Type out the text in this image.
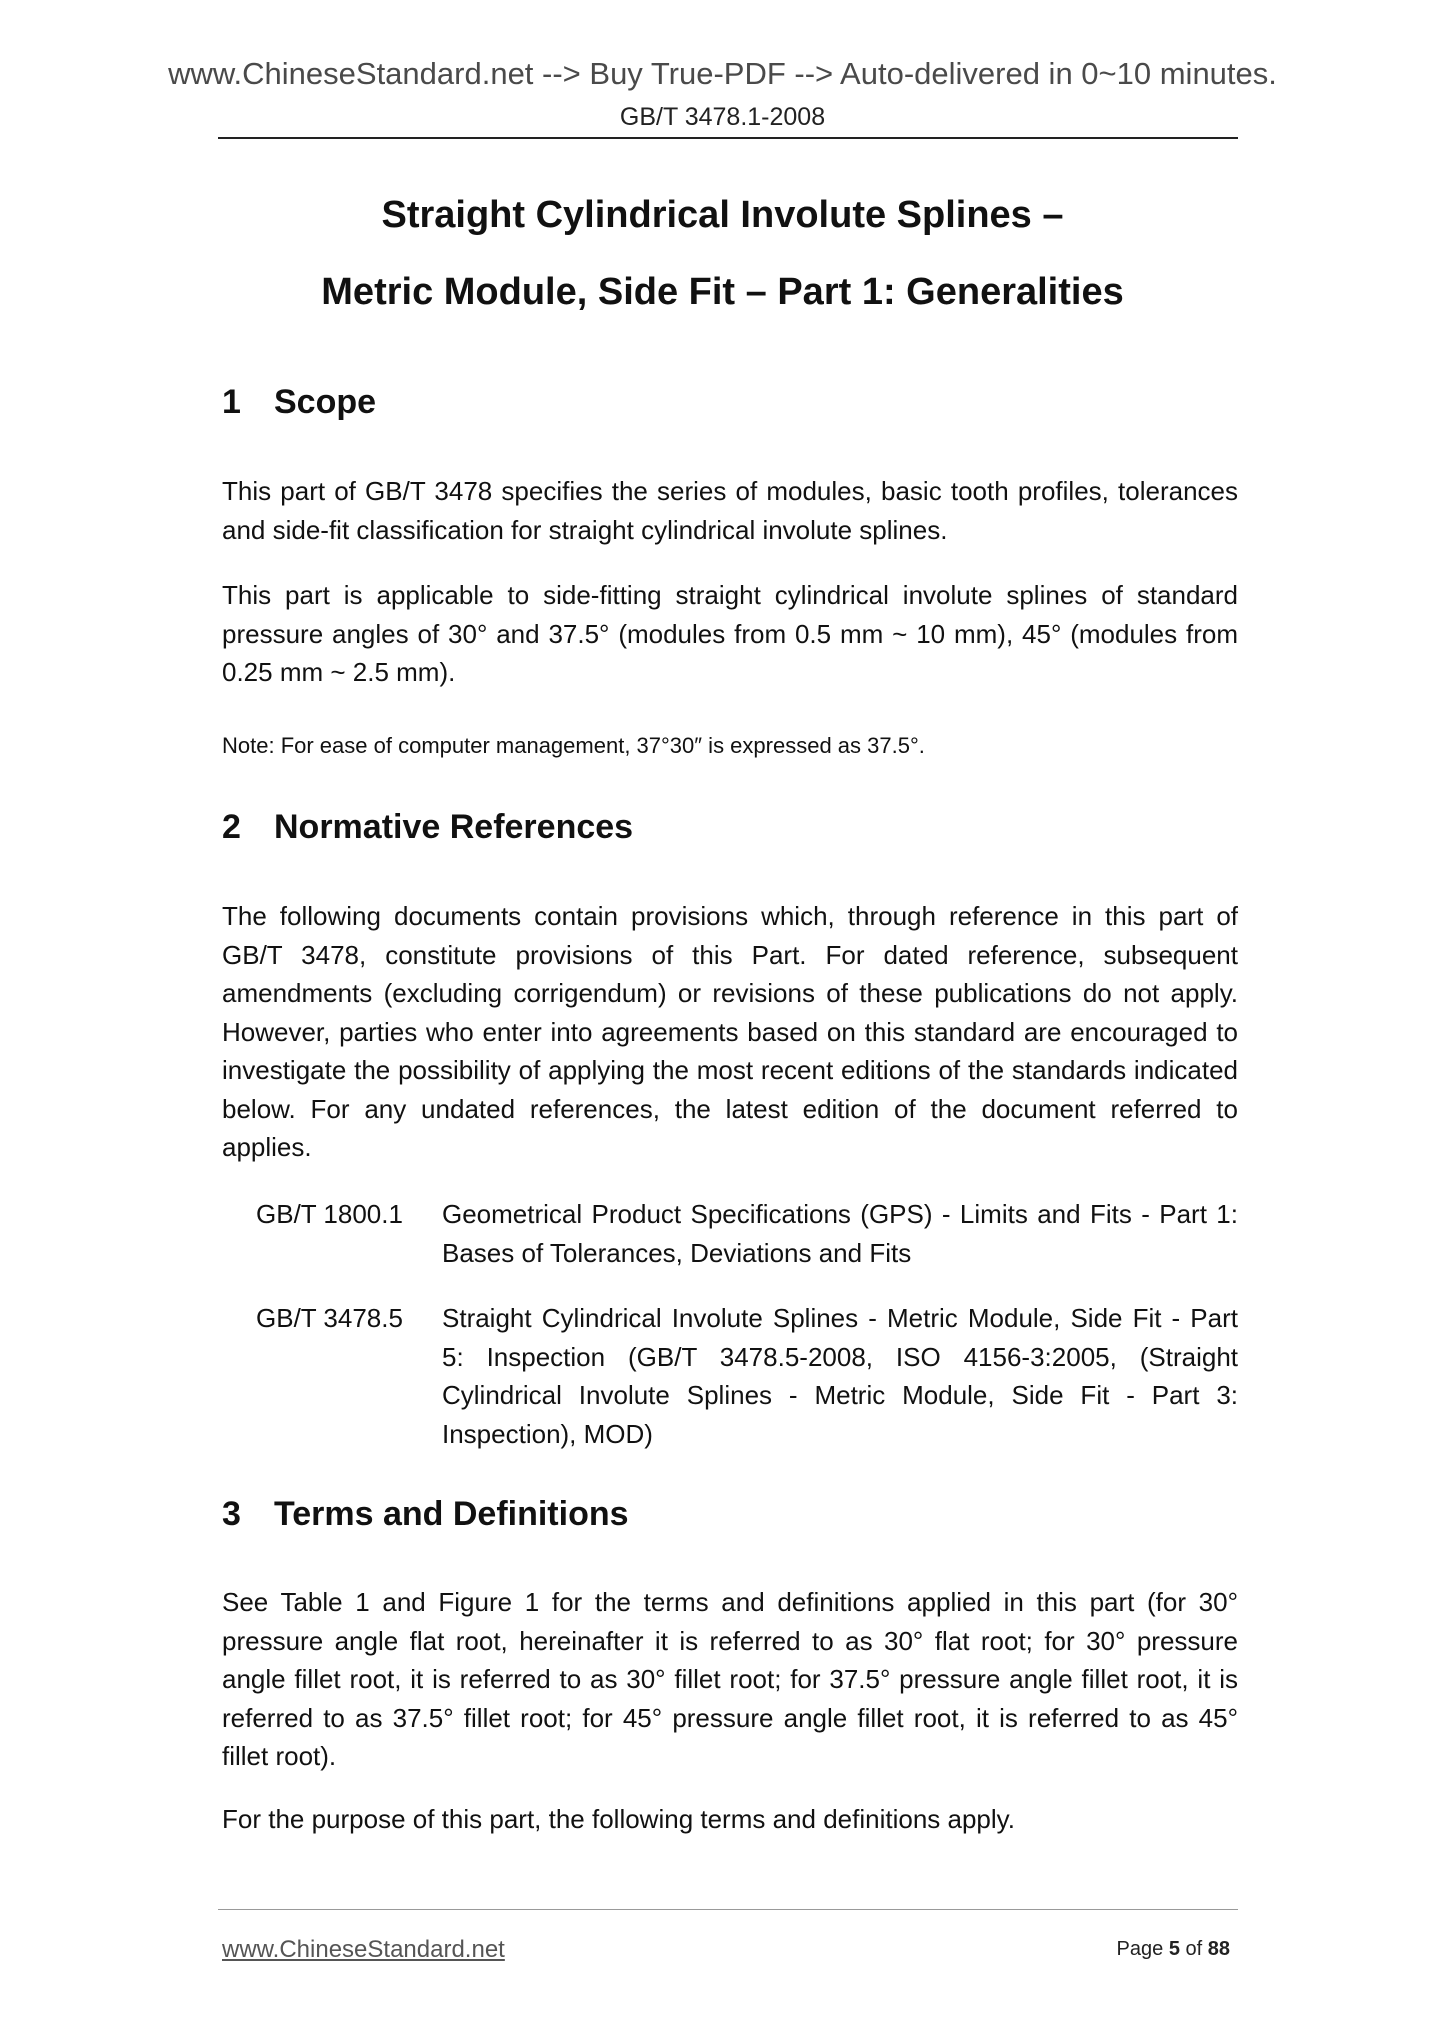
www.ChineseStandard.net --> Buy True-PDF --> Auto-delivered in 0~10 minutes.
GB/T 3478.1-2008
Straight Cylindrical Involute Splines –
Metric Module, Side Fit – Part 1: Generalities
1 Scope
This part of GB/T 3478 specifies the series of modules, basic tooth profiles, tolerances and side-fit classification for straight cylindrical involute splines.
This part is applicable to side-fitting straight cylindrical involute splines of standard pressure angles of 30° and 37.5° (modules from 0.5 mm ~ 10 mm), 45° (modules from 0.25 mm ~ 2.5 mm).
Note: For ease of computer management, 37°30″ is expressed as 37.5°.
2 Normative References
The following documents contain provisions which, through reference in this part of GB/T 3478, constitute provisions of this Part. For dated reference, subsequent amendments (excluding corrigendum) or revisions of these publications do not apply. However, parties who enter into agreements based on this standard are encouraged to investigate the possibility of applying the most recent editions of the standards indicated below. For any undated references, the latest edition of the document referred to applies.
GB/T 1800.1	Geometrical Product Specifications (GPS) - Limits and Fits - Part 1: Bases of Tolerances, Deviations and Fits
GB/T 3478.5	Straight Cylindrical Involute Splines - Metric Module, Side Fit - Part 5: Inspection (GB/T 3478.5-2008, ISO 4156-3:2005, (Straight Cylindrical Involute Splines - Metric Module, Side Fit - Part 3: Inspection), MOD)
3 Terms and Definitions
See Table 1 and Figure 1 for the terms and definitions applied in this part (for 30° pressure angle flat root, hereinafter it is referred to as 30° flat root; for 30° pressure angle fillet root, it is referred to as 30° fillet root; for 37.5° pressure angle fillet root, it is referred to as 37.5° fillet root; for 45° pressure angle fillet root, it is referred to as 45° fillet root).
For the purpose of this part, the following terms and definitions apply.
www.ChineseStandard.net	Page 5 of 88
